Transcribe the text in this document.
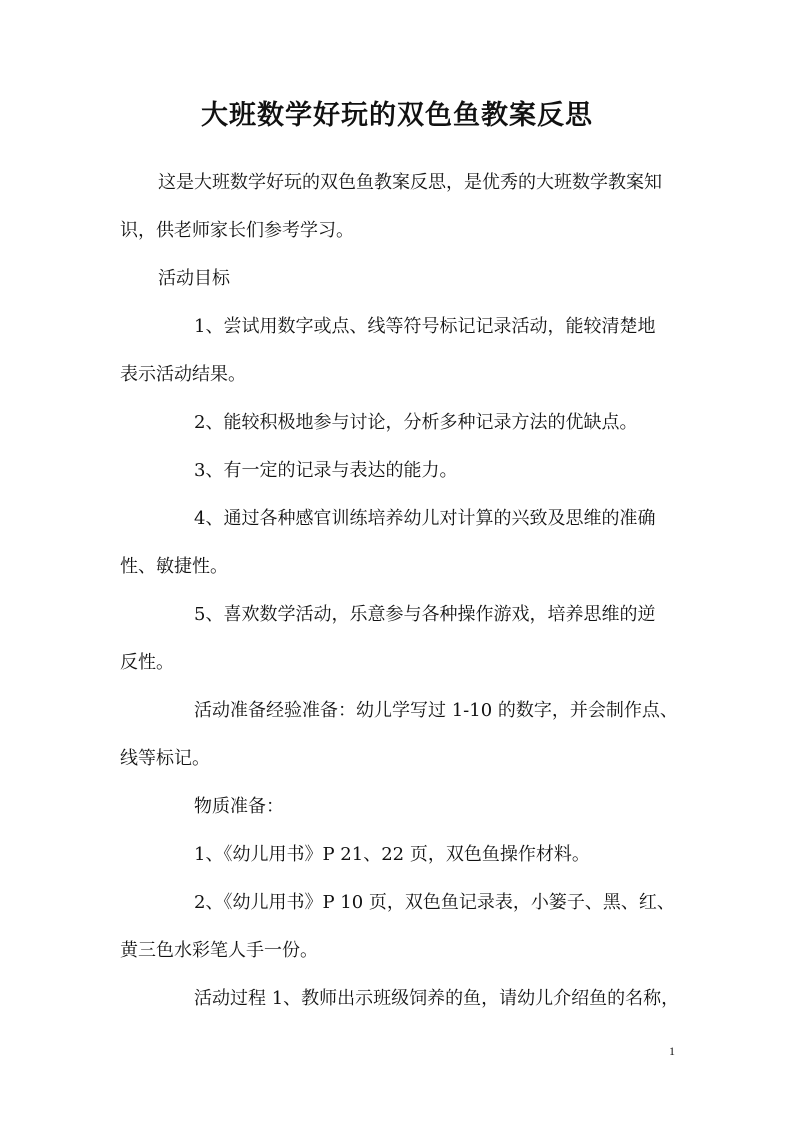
大班数学好玩的双色鱼教案反思
这是大班数学好玩的双色鱼教案反思，是优秀的大班数学教案知
识，供老师家长们参考学习。
活动目标
1、尝试用数字或点、线等符号标记记录活动，能较清楚地
表示活动结果。
2、能较积极地参与讨论，分析多种记录方法的优缺点。
3、有一定的记录与表达的能力。
4、通过各种感官训练培养幼儿对计算的兴致及思维的准确
性、敏捷性。
5、喜欢数学活动，乐意参与各种操作游戏，培养思维的逆
反性。
活动准备经验准备：幼儿学写过 1-10 的数字，并会制作点、
线等标记。
物质准备：
1、《幼儿用书》P 21、22 页，双色鱼操作材料。
2、《幼儿用书》P 10 页，双色鱼记录表，小篓子、黑、红、
黄三色水彩笔人手一份。
活动过程 1、教师出示班级饲养的鱼，请幼儿介绍鱼的名称，
1
